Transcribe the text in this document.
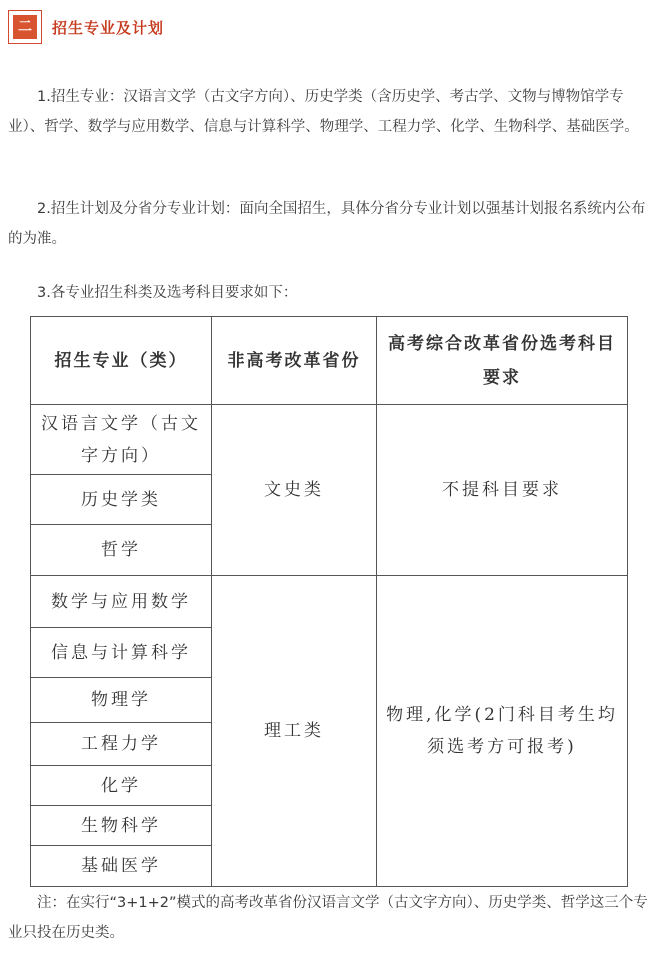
二	招生专业及计划
1.招生专业：汉语言文学（古文字方向）、历史学类（含历史学、考古学、文物与博物馆学专业）、哲学、数学与应用数学、信息与计算科学、物理学、工程力学、化学、生物科学、基础医学。
2.招生计划及分省分专业计划：面向全国招生，具体分省分专业计划以强基计划报名系统内公布的为准。
3.各专业招生科类及选考科目要求如下：
招生专业（类）	非高考改革省份	高考综合改革省份选考科目要求
汉语言文学（古文字方向）	文史类	不提科目要求
历史学类		
哲学		
数学与应用数学	理工类	物理,化学(2门科目考生均须选考方可报考)
信息与计算科学		
物理学		
工程力学		
化学		
生物科学		
基础医学		
注：在实行“3+1+2”模式的高考改革省份汉语言文学（古文字方向）、历史学类、哲学这三个专业只投在历史类。
